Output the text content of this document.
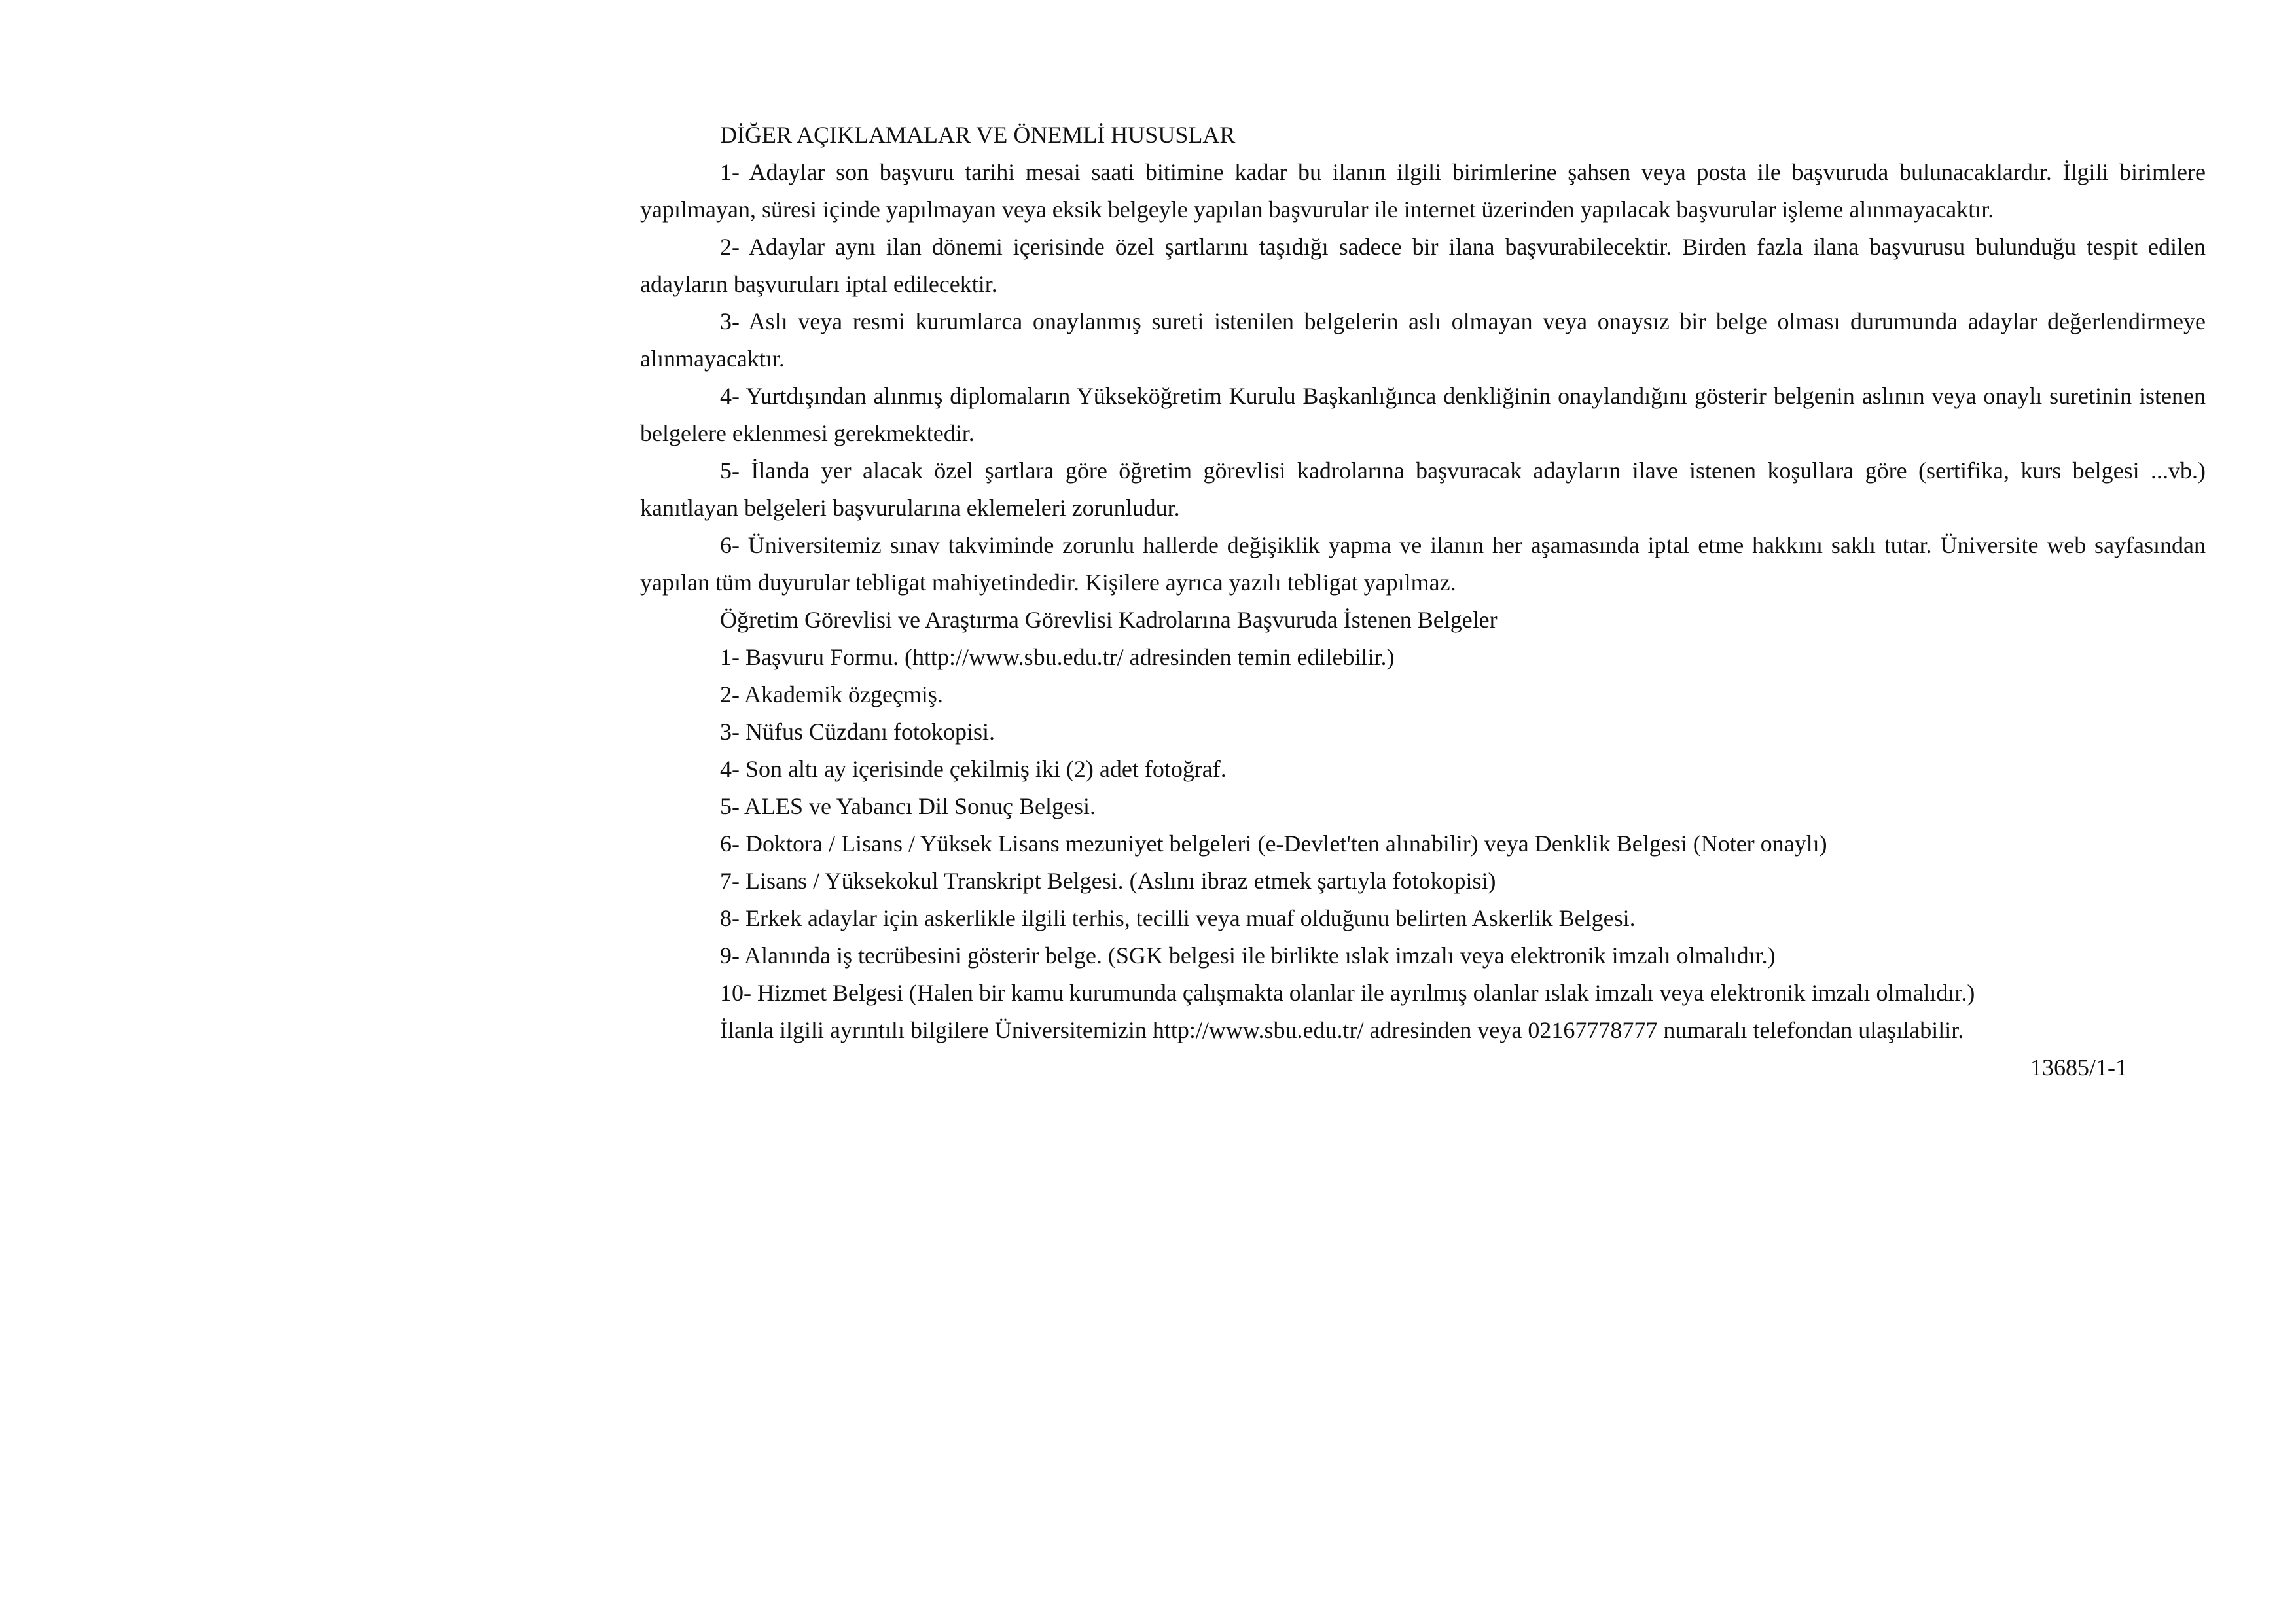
DİĞER AÇIKLAMALAR VE ÖNEMLİ HUSUSLAR

1- Adaylar son başvuru tarihi mesai saati bitimine kadar bu ilanın ilgili birimlerine şahsen veya posta ile başvuruda bulunacaklardır. İlgili birimlere yapılmayan, süresi içinde yapılmayan veya eksik belgeyle yapılan başvurular ile internet üzerinden yapılacak başvurular işleme alınmayacaktır.

2- Adaylar aynı ilan dönemi içerisinde özel şartlarını taşıdığı sadece bir ilana başvurabilecektir. Birden fazla ilana başvurusu bulunduğu tespit edilen adayların başvuruları iptal edilecektir.

3- Aslı veya resmi kurumlarca onaylanmış sureti istenilen belgelerin aslı olmayan veya onaysız bir belge olması durumunda adaylar değerlendirmeye alınmayacaktır.

4- Yurtdışından alınmış diplomaların Yükseköğretim Kurulu Başkanlığınca denkliğinin onaylandığını gösterir belgenin aslının veya onaylı suretinin istenen belgelere eklenmesi gerekmektedir.

5- İlanda yer alacak özel şartlara göre öğretim görevlisi kadrolarına başvuracak adayların ilave istenen koşullara göre (sertifika, kurs belgesi ...vb.) kanıtlayan belgeleri başvurularına eklemeleri zorunludur.

6- Üniversitemiz sınav takviminde zorunlu hallerde değişiklik yapma ve ilanın her aşamasında iptal etme hakkını saklı tutar. Üniversite web sayfasından yapılan tüm duyurular tebligat mahiyetindedir. Kişilere ayrıca yazılı tebligat yapılmaz.

Öğretim Görevlisi ve Araştırma Görevlisi Kadrolarına Başvuruda İstenen Belgeler

1- Başvuru Formu. (http://www.sbu.edu.tr/ adresinden temin edilebilir.)

2- Akademik özgeçmiş.

3- Nüfus Cüzdanı fotokopisi.

4- Son altı ay içerisinde çekilmiş iki (2) adet fotoğraf.

5- ALES ve Yabancı Dil Sonuç Belgesi.

6- Doktora / Lisans / Yüksek Lisans mezuniyet belgeleri (e-Devlet'ten alınabilir) veya Denklik Belgesi (Noter onaylı)

7- Lisans / Yüksekokul Transkript Belgesi. (Aslını ibraz etmek şartıyla fotokopisi)

8- Erkek adaylar için askerlikle ilgili terhis, tecilli veya muaf olduğunu belirten Askerlik Belgesi.

9- Alanında iş tecrübesini gösterir belge. (SGK belgesi ile birlikte ıslak imzalı veya elektronik imzalı olmalıdır.)

10- Hizmet Belgesi (Halen bir kamu kurumunda çalışmakta olanlar ile ayrılmış olanlar ıslak imzalı veya elektronik imzalı olmalıdır.)

İlanla ilgili ayrıntılı bilgilere Üniversitemizin http://www.sbu.edu.tr/ adresinden veya 02167778777 numaralı telefondan ulaşılabilir.

13685/1-1
